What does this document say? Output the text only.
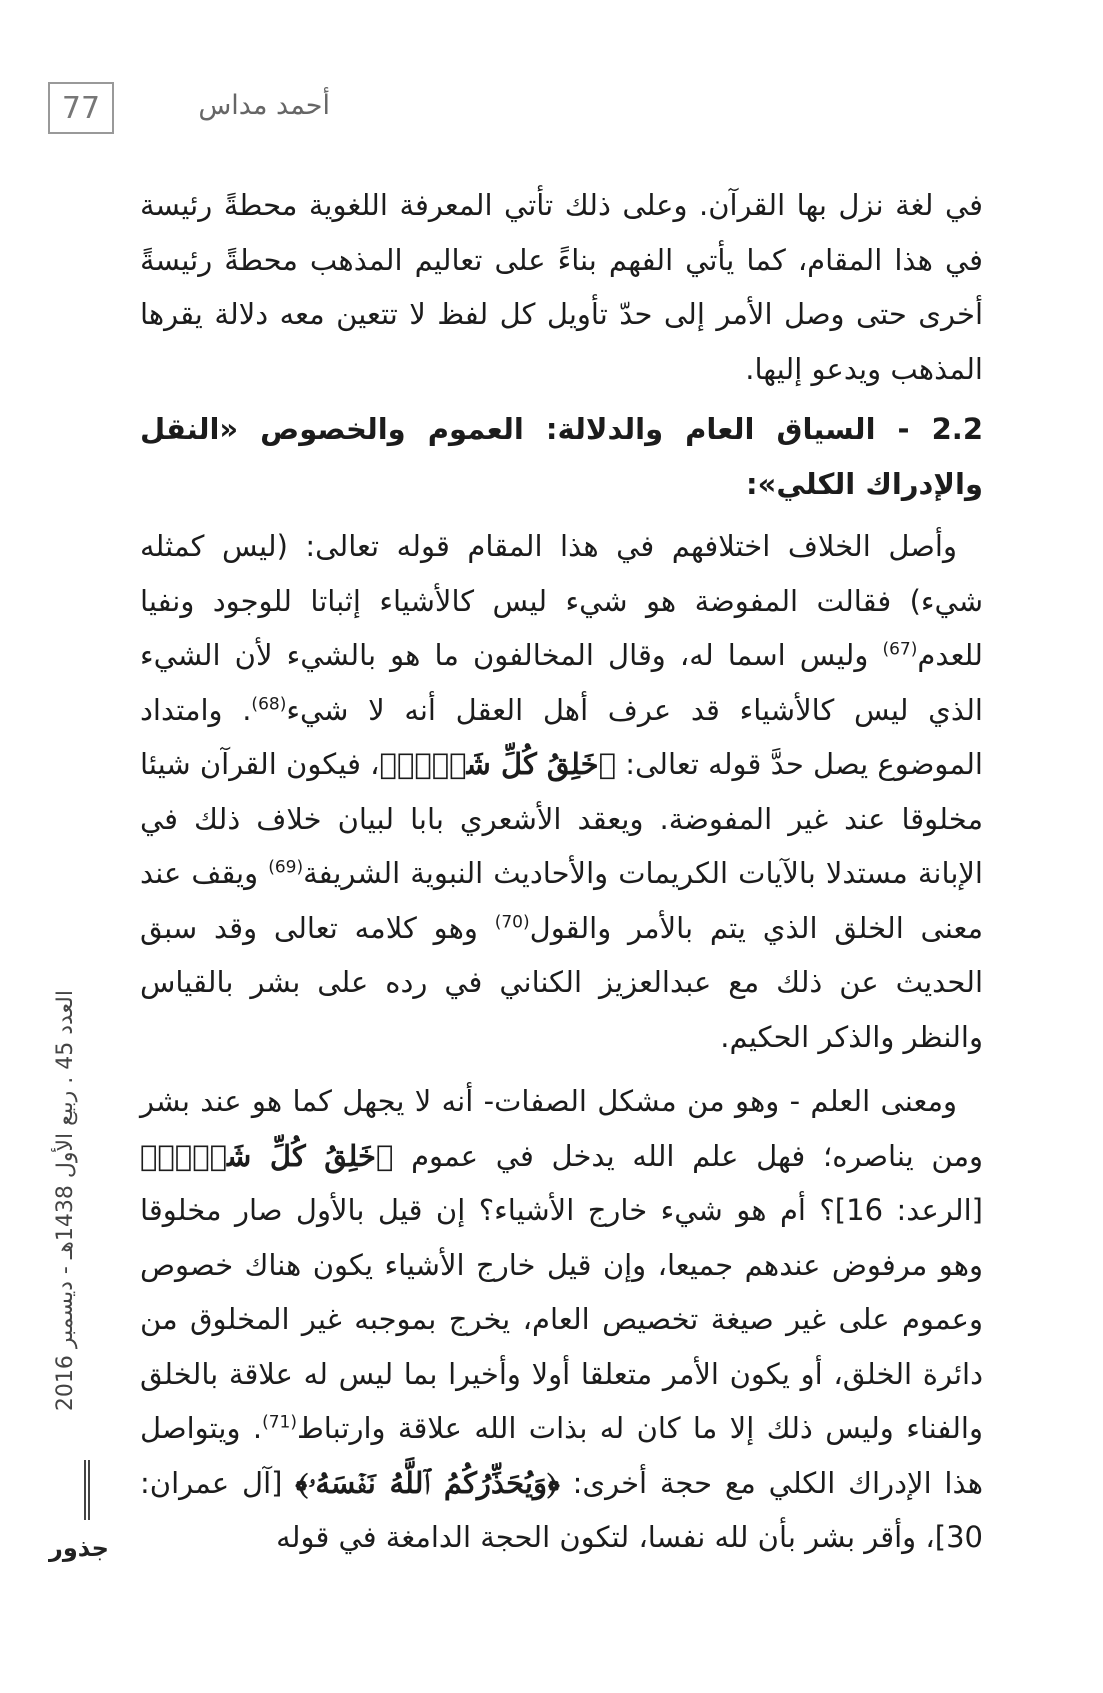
77	أحمد مداس

في لغة نزل بها القرآن. وعلى ذلك تأتي المعرفة اللغوية محطةً رئيسة في هذا المقام، كما يأتي الفهم بناءً على تعاليم المذهب محطةً رئيسةً أخرى حتى وصل الأمر إلى حدّ تأويل كل لفظ لا تتعين معه دلالة يقرها المذهب ويدعو إليها.

2.2 - السياق العام والدلالة: العموم والخصوص «النقل والإدراك الكلي»:

وأصل الخلاف اختلافهم في هذا المقام قوله تعالى: (ليس كمثله شيء) فقالت المفوضة هو شيء ليس كالأشياء إثباتا للوجود ونفيا للعدم$^{(67)}$ وليس اسما له، وقال المخالفون ما هو بالشيء لأن الشيء الذي ليس كالأشياء قد عرف أهل العقل أنه لا شيء$^{(68)}$. وامتداد الموضوع يصل حدَّ قوله تعالى: ﴿خَلِقُ كُلِّ شَيۡءٖ﴾، فيكون القرآن شيئا مخلوقا عند غير المفوضة. ويعقد الأشعري بابا لبيان خلاف ذلك في الإبانة مستدلا بالآيات الكريمات والأحاديث النبوية الشريفة$^{(69)}$ ويقف عند معنى الخلق الذي يتم بالأمر والقول$^{(70)}$ وهو كلامه تعالى وقد سبق الحديث عن ذلك مع عبدالعزيز الكناني في رده على بشر بالقياس والنظر والذكر الحكيم.

ومعنى العلم - وهو من مشكل الصفات- أنه لا يجهل كما هو عند بشر ومن يناصره؛ فهل علم الله يدخل في عموم ﴿خَلِقُ كُلِّ شَيۡءٖ﴾ [الرعد: 16]؟ أم هو شيء خارج الأشياء؟ إن قيل بالأول صار مخلوقا وهو مرفوض عندهم جميعا، وإن قيل خارج الأشياء يكون هناك خصوص وعموم على غير صيغة تخصيص العام، يخرج بموجبه غير المخلوق من دائرة الخلق، أو يكون الأمر متعلقا أولا وأخيرا بما ليس له علاقة بالخلق والفناء وليس ذلك إلا ما كان له بذات الله علاقة وارتباط$^{(71)}$. ويتواصل هذا الإدراك الكلي مع حجة أخرى: ﴿وَيُحَذِّرُكُمُ ٱللَّهُ نَفۡسَهُۥ﴾ [آل عمران: 30]، وأقر بشر بأن لله نفسا، لتكون الحجة الدامغة في قوله

العدد 45 . ربيع الأول 1438هـ - ديسمبر 2016
جذور
